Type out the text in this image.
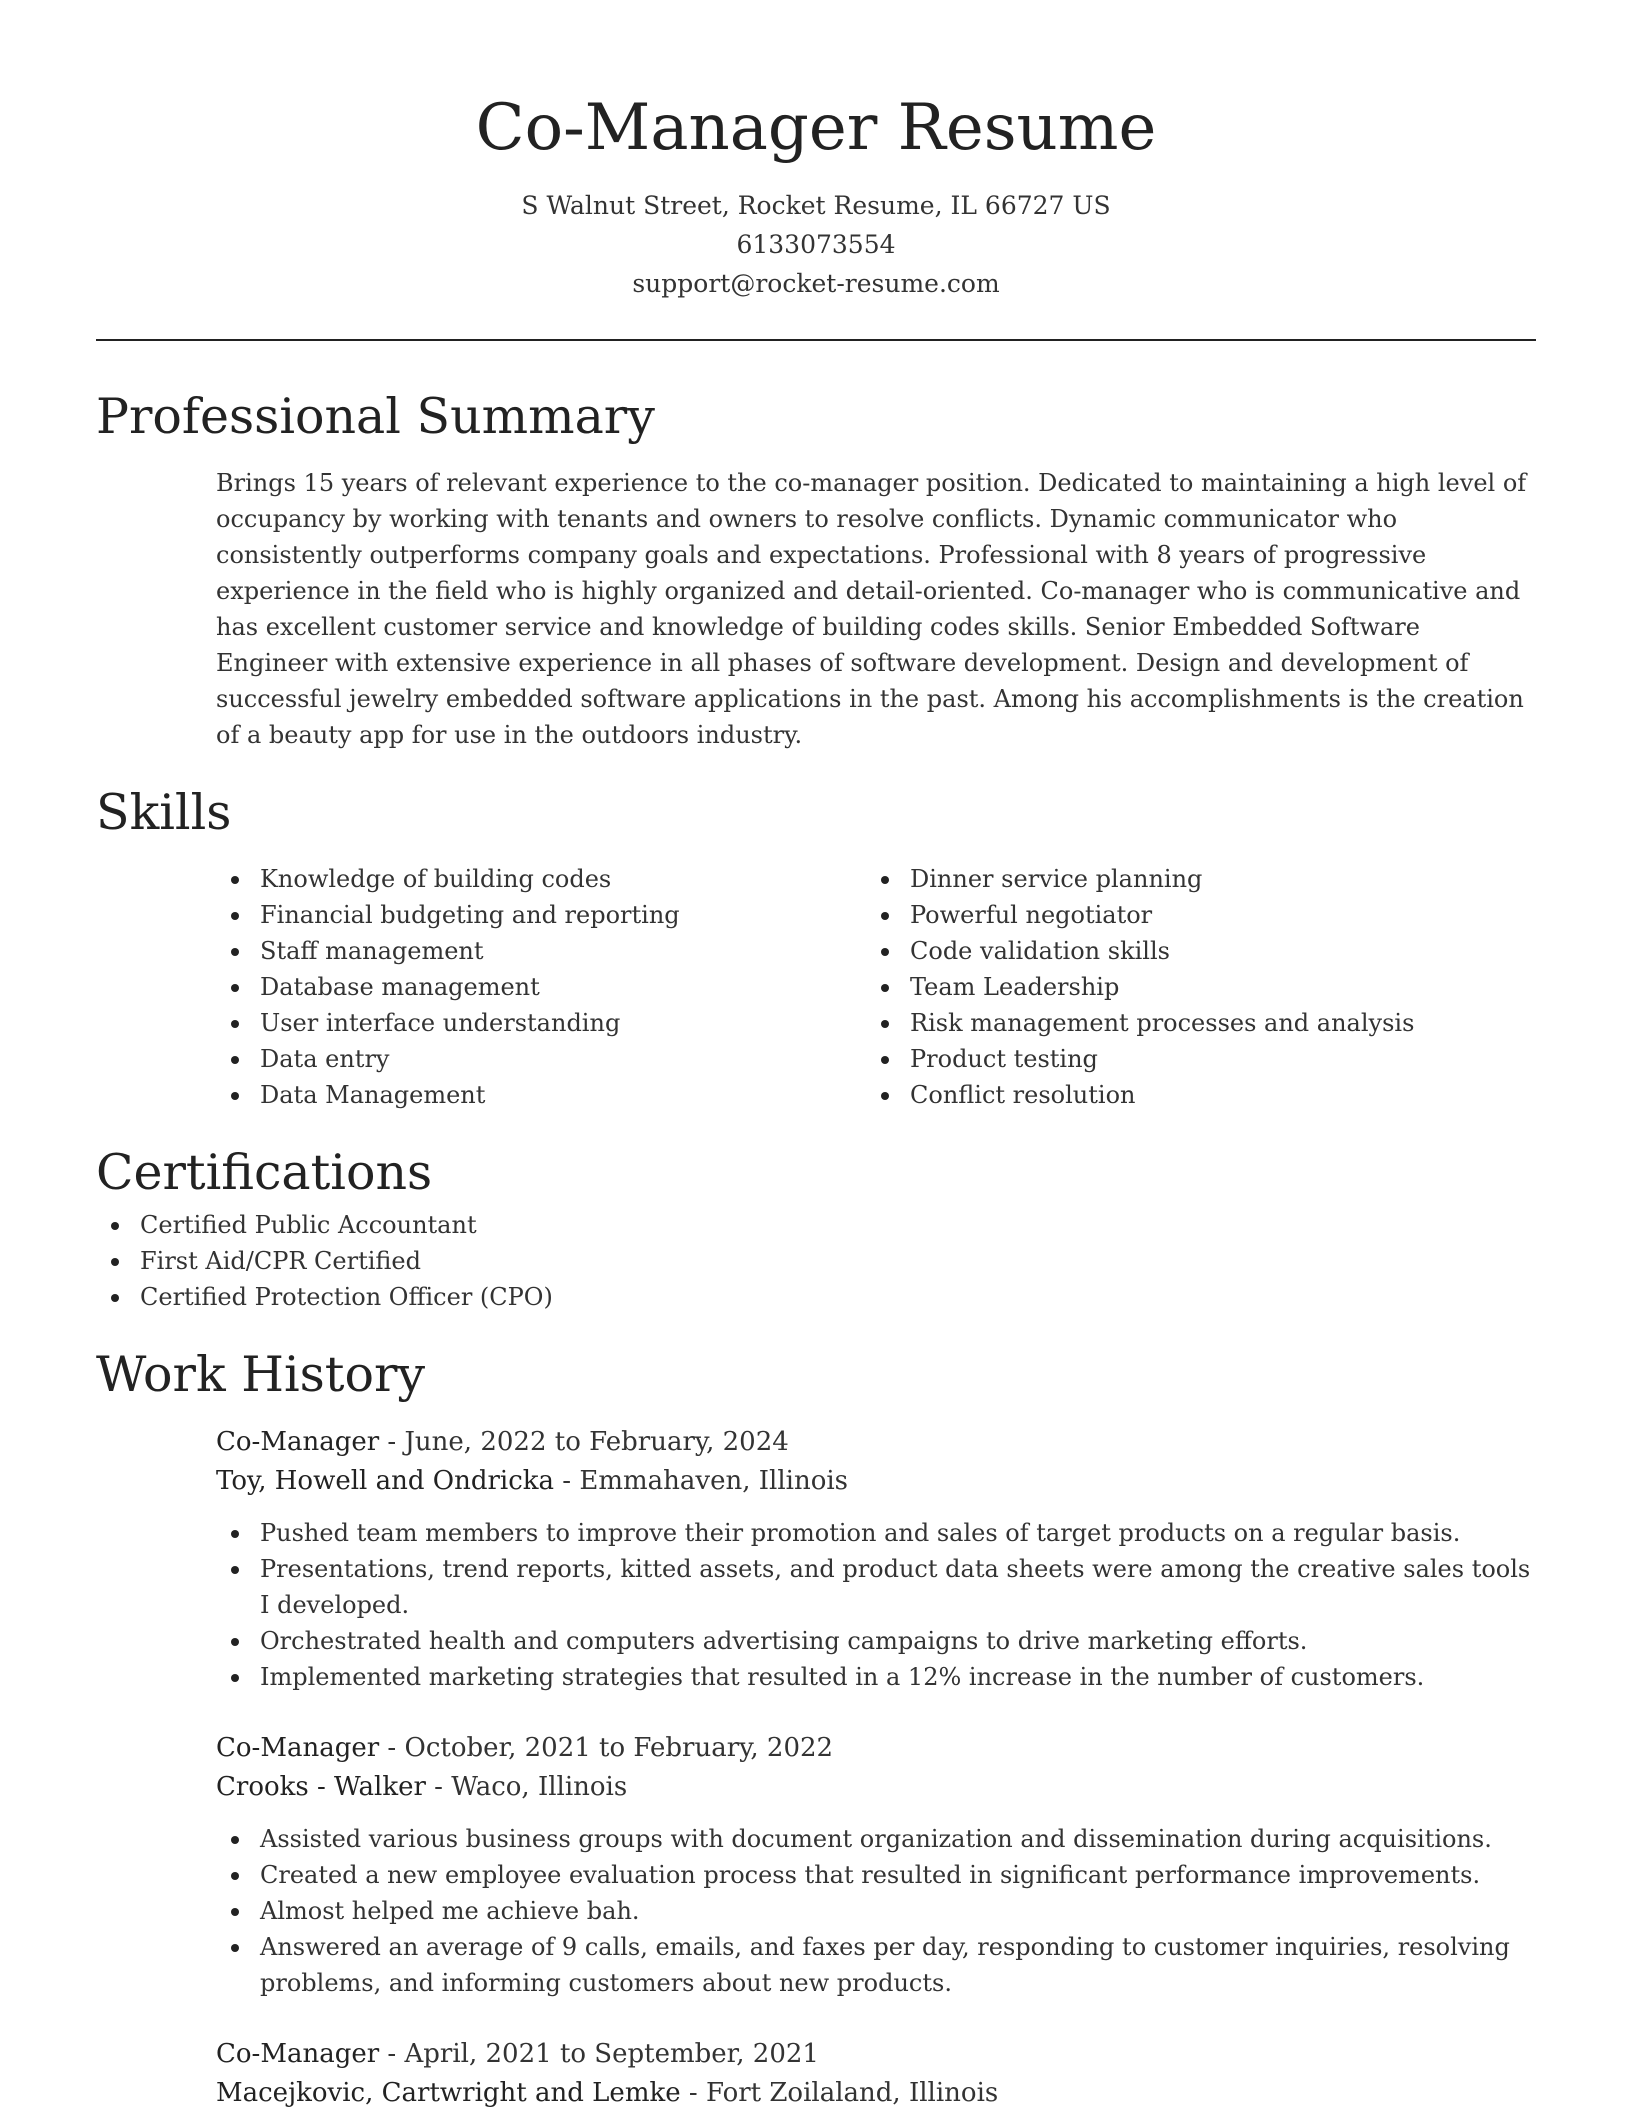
Co-Manager Resume
S Walnut Street, Rocket Resume, IL 66727 US
6133073554
support@rocket-resume.com
Professional Summary

Brings 15 years of relevant experience to the co-manager position. Dedicated to maintaining a high level of occupancy by working with tenants and owners to resolve conflicts. Dynamic communicator who consistently outperforms company goals and expectations. Professional with 8 years of progressive experience in the field who is highly organized and detail-oriented. Co-manager who is communicative and has excellent customer service and knowledge of building codes skills. Senior Embedded Software Engineer with extensive experience in all phases of software development. Design and development of successful jewelry embedded software applications in the past. Among his accomplishments is the creation of a beauty app for use in the outdoors industry.

Skills
Knowledge of building codes
Financial budgeting and reporting
Staff management
Database management
User interface understanding
Data entry
Data Management
Dinner service planning
Powerful negotiator
Code validation skills
Team Leadership
Risk management processes and analysis
Product testing
Conflict resolution
Certifications
Certified Public Accountant
First Aid/CPR Certified
Certified Protection Officer (CPO)
Work History
Co-Manager - June, 2022 to February, 2024
Toy, Howell and Ondricka - Emmahaven, Illinois
Pushed team members to improve their promotion and sales of target products on a regular basis.
Presentations, trend reports, kitted assets, and product data sheets were among the creative sales tools I developed.
Orchestrated health and computers advertising campaigns to drive marketing efforts.
Implemented marketing strategies that resulted in a 12% increase in the number of customers.
Co-Manager - October, 2021 to February, 2022
Crooks - Walker - Waco, Illinois
Assisted various business groups with document organization and dissemination during acquisitions.
Created a new employee evaluation process that resulted in significant performance improvements.
Almost helped me achieve bah.
Answered an average of 9 calls, emails, and faxes per day, responding to customer inquiries, resolving problems, and informing customers about new products.
Co-Manager - April, 2021 to September, 2021
Macejkovic, Cartwright and Lemke - Fort Zoilaland, Illinois
